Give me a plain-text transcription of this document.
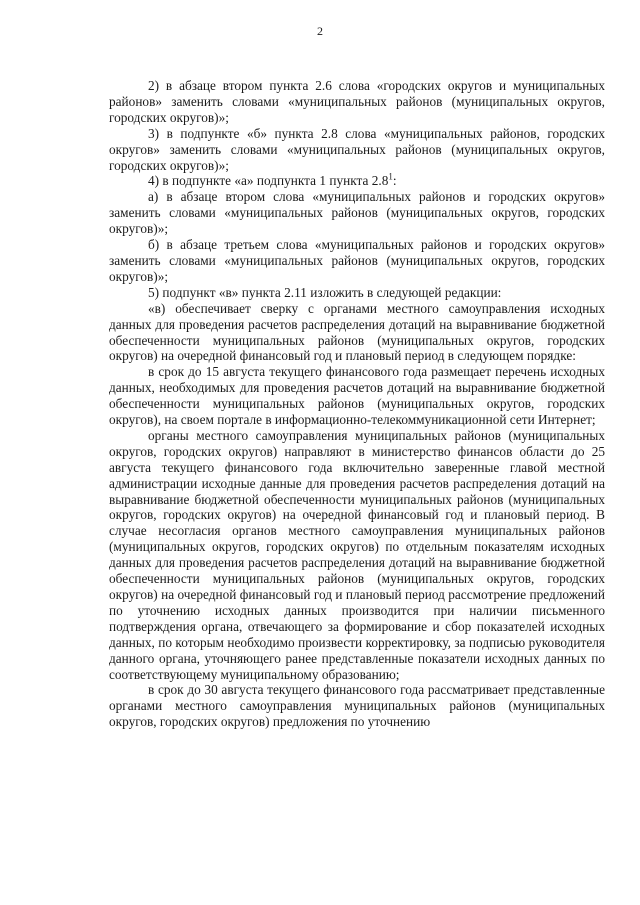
2

2) в абзаце втором пункта 2.6 слова «городских округов и муниципальных районов» заменить словами «муниципальных районов (муниципальных округов, городских округов)»;

3) в подпункте «б» пункта 2.8 слова «муниципальных районов, городских округов» заменить словами «муниципальных районов (муниципальных округов, городских округов)»;

4) в подпункте «а» подпункта 1 пункта $2.8^1$:

а) в абзаце втором слова «муниципальных районов и городских округов» заменить словами «муниципальных районов (муниципальных округов, городских округов)»;

б) в абзаце третьем слова «муниципальных районов и городских округов» заменить словами «муниципальных районов (муниципальных округов, городских округов)»;

5) подпункт «в» пункта 2.11 изложить в следующей редакции:

«в) обеспечивает сверку с органами местного самоуправления исходных данных для проведения расчетов распределения дотаций на выравнивание бюджетной обеспеченности муниципальных районов (муниципальных округов, городских округов) на очередной финансовый год и плановый период в следующем порядке:

в срок до 15 августа текущего финансового года размещает перечень исходных данных, необходимых для проведения расчетов дотаций на выравнивание бюджетной обеспеченности муниципальных районов (муниципальных округов, городских округов), на своем портале в информационно-телекоммуникационной сети Интернет;

органы местного самоуправления муниципальных районов (муниципальных округов, городских округов) направляют в министерство финансов области до 25 августа текущего финансового года включительно заверенные главой местной администрации исходные данные для проведения расчетов распределения дотаций на выравнивание бюджетной обеспеченности муниципальных районов (муниципальных округов, городских округов) на очередной финансовый год и плановый период. В случае несогласия органов местного самоуправления муниципальных районов (муниципальных округов, городских округов) по отдельным показателям исходных данных для проведения расчетов распределения дотаций на выравнивание бюджетной обеспеченности муниципальных районов (муниципальных округов, городских округов) на очередной финансовый год и плановый период рассмотрение предложений по уточнению исходных данных производится при наличии письменного подтверждения органа, отвечающего за формирование и сбор показателей исходных данных, по которым необходимо произвести корректировку, за подписью руководителя данного органа, уточняющего ранее представленные показатели исходных данных по соответствующему муниципальному образованию;

в срок до 30 августа текущего финансового года рассматривает представленные органами местного самоуправления муниципальных районов (муниципальных округов, городских округов) предложения по уточнению
